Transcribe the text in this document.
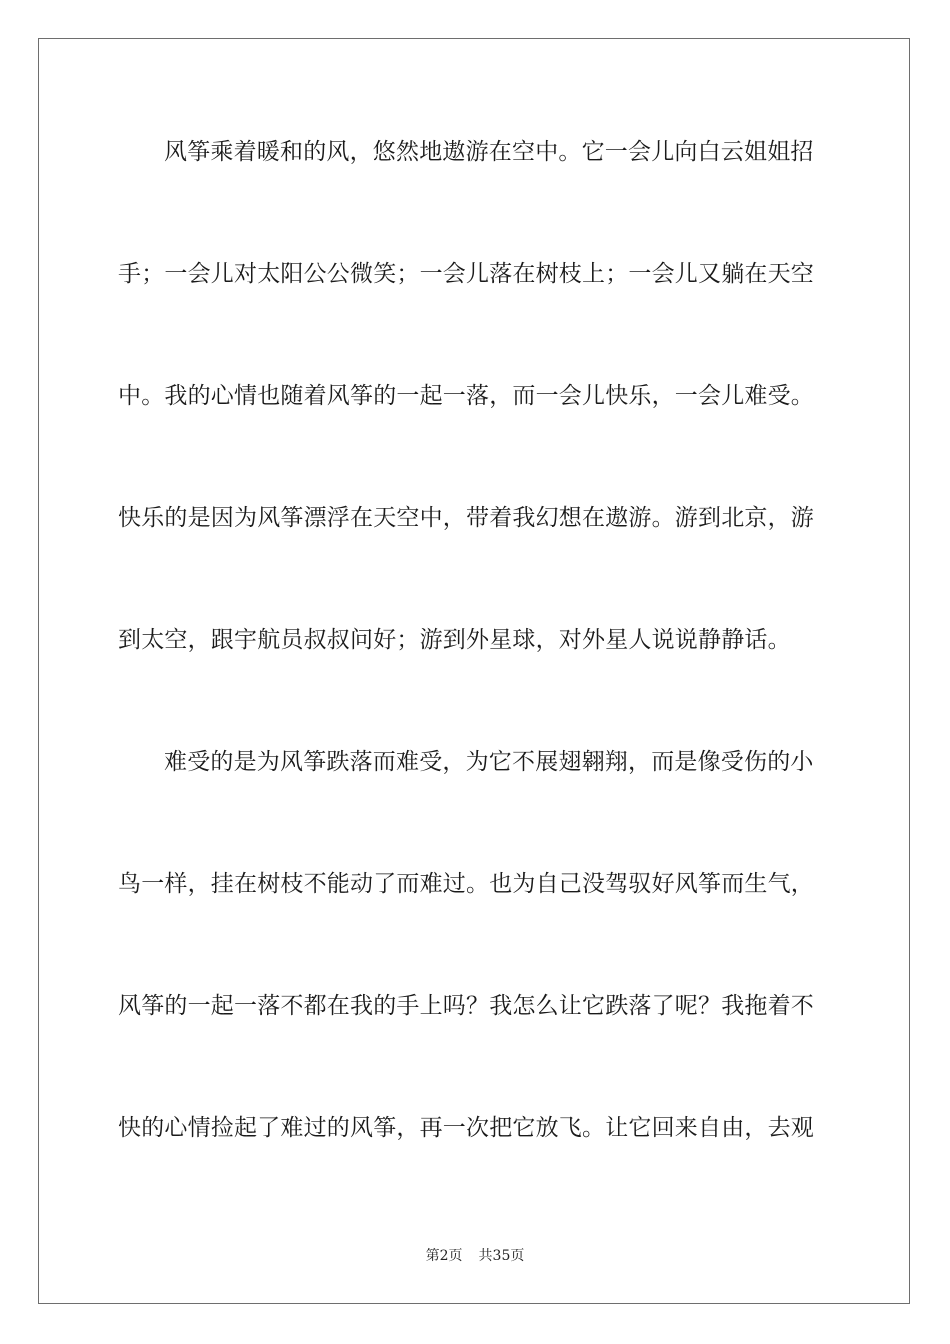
风筝乘着暖和的风，悠然地遨游在空中。它一会儿向白云姐姐招

手；一会儿对太阳公公微笑；一会儿落在树枝上；一会儿又躺在天空

中。我的心情也随着风筝的一起一落，而一会儿快乐，一会儿难受。

快乐的是因为风筝漂浮在天空中，带着我幻想在遨游。游到北京，游

到太空，跟宇航员叔叔问好；游到外星球，对外星人说说静静话。

难受的是为风筝跌落而难受，为它不展翅翱翔，而是像受伤的小

鸟一样，挂在树枝不能动了而难过。也为自己没驾驭好风筝而生气，

风筝的一起一落不都在我的手上吗？我怎么让它跌落了呢？我拖着不

快的心情捡起了难过的风筝，再一次把它放飞。让它回来自由，去观

第2页 共35页
